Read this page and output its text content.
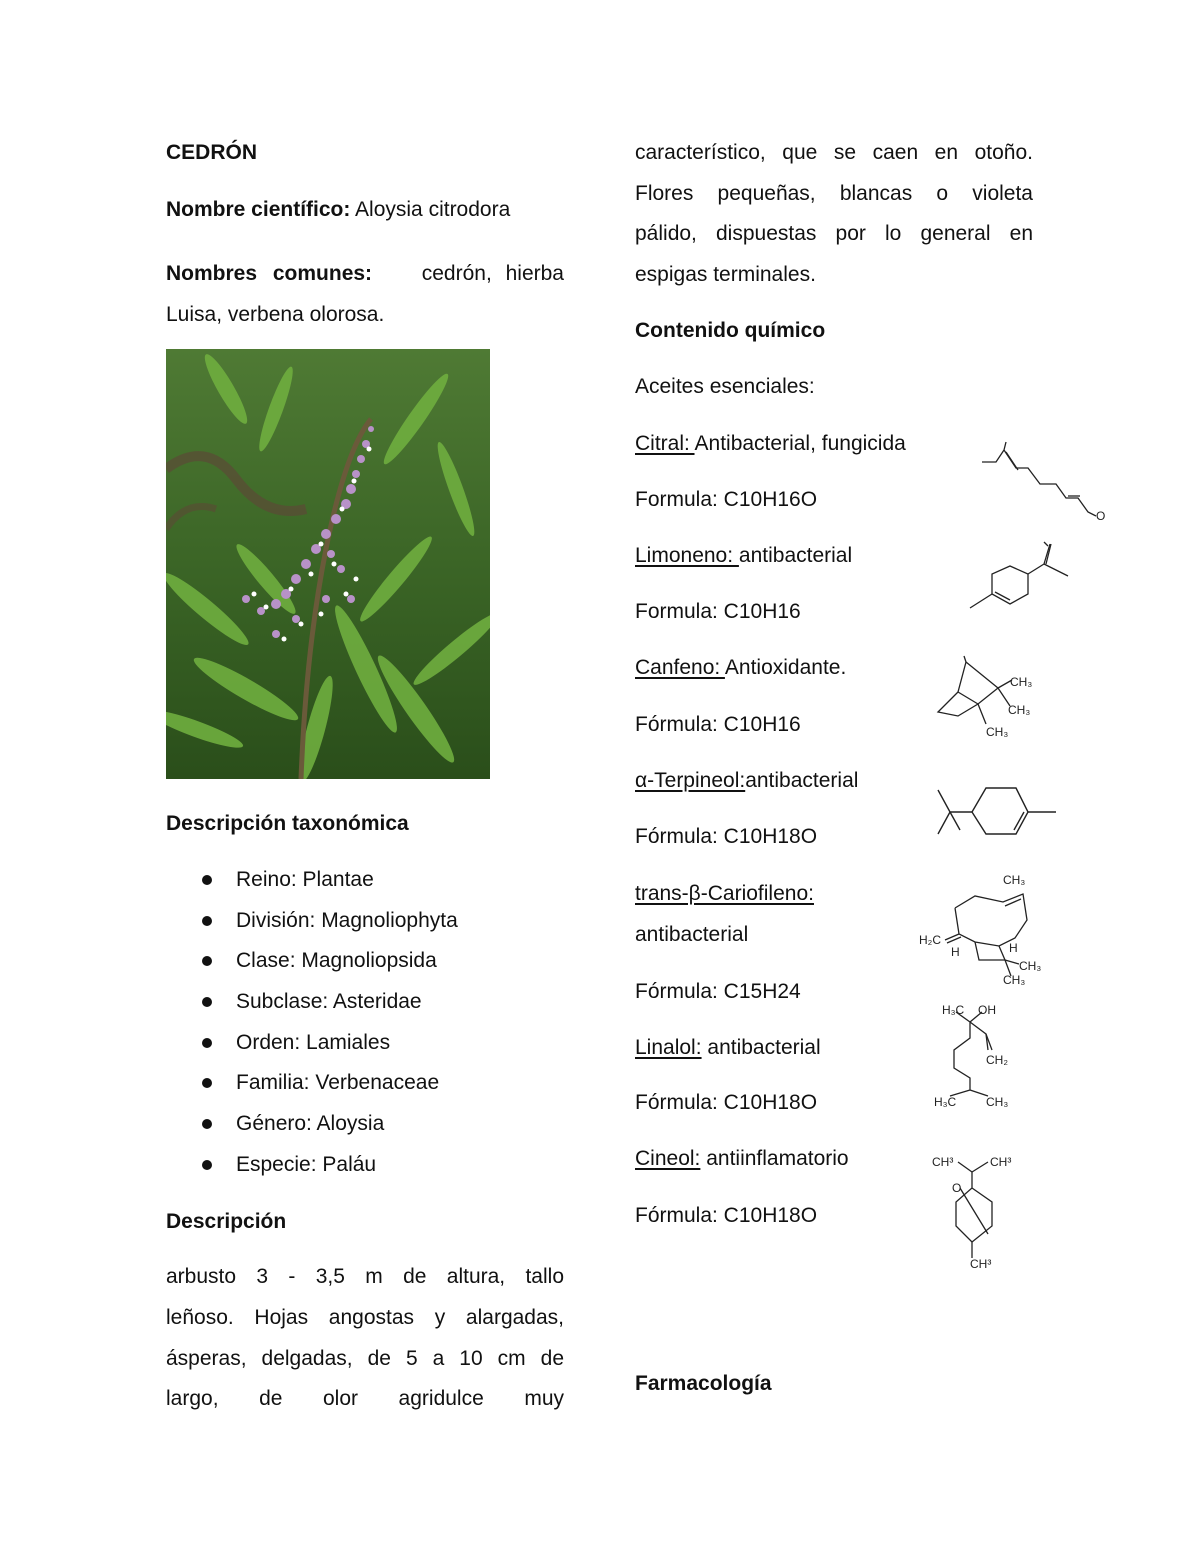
CEDRÓN
Nombre científico: Aloysia citrodora
Nombres comunes: cedrón, hierba
Luisa, verbena olorosa.
Descripción taxonómica
Reino: Plantae
División: Magnoliophyta
Clase: Magnoliopsida
Subclase: Asteridae
Orden: Lamiales
Familia: Verbenaceae
Género: Aloysia
Especie: Paláu
Descripción
arbusto 3 - 3,5 m de altura, tallo
leñoso. Hojas angostas y alargadas,
ásperas, delgadas, de 5 a 10 cm de
largo, de olor agridulce muy
característico, que se caen en otoño.
Flores pequeñas, blancas o violeta
pálido, dispuestas por lo general en
espigas terminales.
Contenido químico
Aceites esenciales:
Citral: Antibacterial, fungicida
Formula: C10H16O
Limoneno: antibacterial
Formula: C10H16
Canfeno: Antioxidante.
Fórmula: C10H16
α-Terpineol:antibacterial
Fórmula: C10H18O
trans-β-Cariofileno:
antibacterial
Fórmula: C15H24
Linalol: antibacterial
Fórmula: C10H18O
Cineol: antiinflamatorio
Fórmula: C10H18O
Farmacología
O
CH₃
CH₃
CH₃
CH₃
H₂C
H	H
CH₃
CH₃
H₃C OH
CH₂
H₃C CH₃
CH³	CH³
O
CH³
